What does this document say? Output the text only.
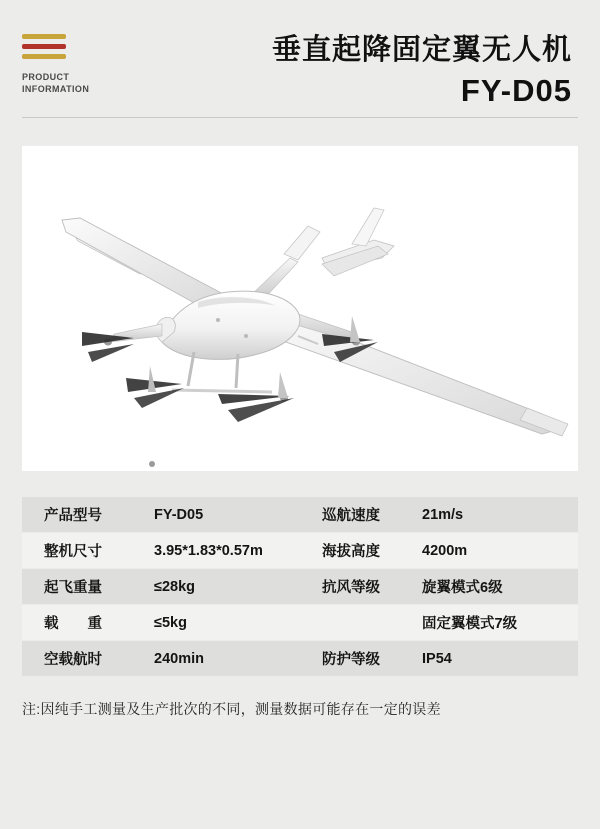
PRODUCT
INFORMATION
垂直起降固定翼无人机
FY-D05
产品型号	FY-D05	巡航速度	21m/s
整机尺寸	3.95*1.83*0.57m	海拔高度	4200m
起飞重量	≤28kg	抗风等级	旋翼模式6级
载　　重	≤5kg		固定翼模式7级
空载航时	240min	防护等级	IP54
注:因纯手工测量及生产批次的不同，测量数据可能存在一定的误差
